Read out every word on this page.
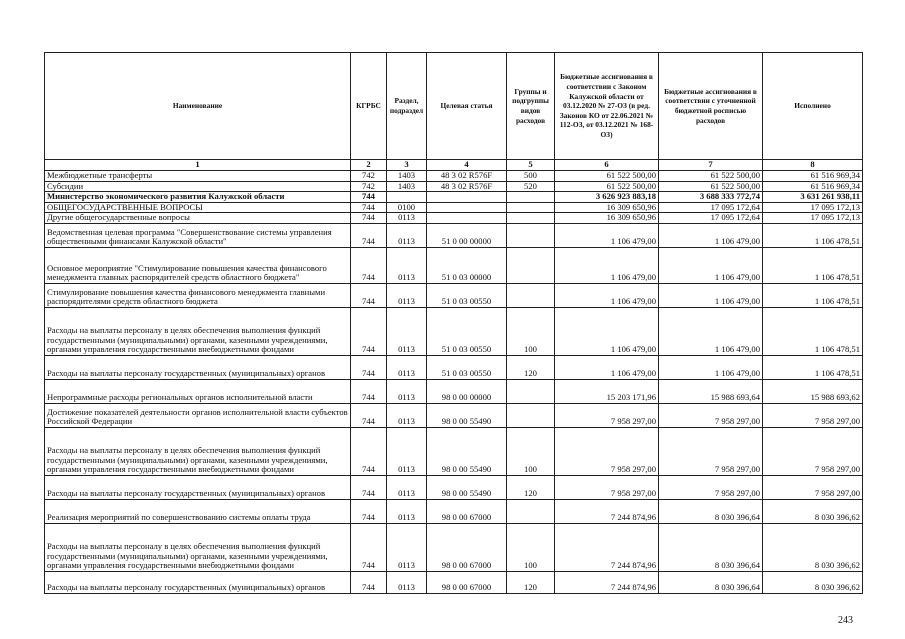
Наименование	КГРБС	Раздел, подраздел	Целевая статья	Группы и подгруппы видов расходов	Бюджетные ассигнования в соответствии с Законом Калужской области от 03.12.2020 № 27-ОЗ (в ред. Законов КО от 22.06.2021 № 112-ОЗ, от 03.12.2021 № 168-ОЗ)	Бюджетные ассигнования в соответствии с уточненной бюджетной росписью расходов	Исполнено
1	2	3	4	5	6	7	8
Межбюджетные трансферты	742	1403	48 3 02 R576F	500	61 522 500,00	61 522 500,00	61 516 969,34
Субсидии	742	1403	48 3 02 R576F	520	61 522 500,00	61 522 500,00	61 516 969,34
Министерство экономического развития Калужской области	744				3 626 923 883,18	3 688 333 772,74	3 631 261 938,11
ОБЩЕГОСУДАРСТВЕННЫЕ ВОПРОСЫ	744	0100			16 309 650,96	17 095 172,64	17 095 172,13
Другие общегосударственные вопросы	744	0113			16 309 650,96	17 095 172,64	17 095 172,13
Ведомственная целевая программа "Совершенствование системы управления общественными финансами Калужской области"	744	0113	51 0 00 00000		1 106 479,00	1 106 479,00	1 106 478,51
Основное мероприятие "Стимулирование повышения качества финансового менеджмента главных распорядителей средств областного бюджета"	744	0113	51 0 03 00000		1 106 479,00	1 106 479,00	1 106 478,51
Стимулирование повышения качества финансового менеджмента главными распорядителями средств областного бюджета	744	0113	51 0 03 00550		1 106 479,00	1 106 479,00	1 106 478,51
Расходы на выплаты персоналу в целях обеспечения выполнения функций государственными (муниципальными) органами, казенными учреждениями, органами управления государственными внебюджетными фондами	744	0113	51 0 03 00550	100	1 106 479,00	1 106 479,00	1 106 478,51
Расходы на выплаты персоналу государственных (муниципальных) органов	744	0113	51 0 03 00550	120	1 106 479,00	1 106 479,00	1 106 478,51
Непрограммные расходы региональных органов исполнительной власти	744	0113	98 0 00 00000		15 203 171,96	15 988 693,64	15 988 693,62
Достижение показателей деятельности органов исполнительной власти субъектов Российской Федерации	744	0113	98 0 00 55490		7 958 297,00	7 958 297,00	7 958 297,00
Расходы на выплаты персоналу в целях обеспечения выполнения функций государственными (муниципальными) органами, казенными учреждениями, органами управления государственными внебюджетными фондами	744	0113	98 0 00 55490	100	7 958 297,00	7 958 297,00	7 958 297,00
Расходы на выплаты персоналу государственных (муниципальных) органов	744	0113	98 0 00 55490	120	7 958 297,00	7 958 297,00	7 958 297,00
Реализация мероприятий по совершенствованию системы оплаты труда	744	0113	98 0 00 67000		7 244 874,96	8 030 396,64	8 030 396,62
Расходы на выплаты персоналу в целях обеспечения выполнения функций государственными (муниципальными) органами, казенными учреждениями, органами управления государственными внебюджетными фондами	744	0113	98 0 00 67000	100	7 244 874,96	8 030 396,64	8 030 396,62
Расходы на выплаты персоналу государственных (муниципальных) органов	744	0113	98 0 00 67000	120	7 244 874,96	8 030 396,64	8 030 396,62
243
